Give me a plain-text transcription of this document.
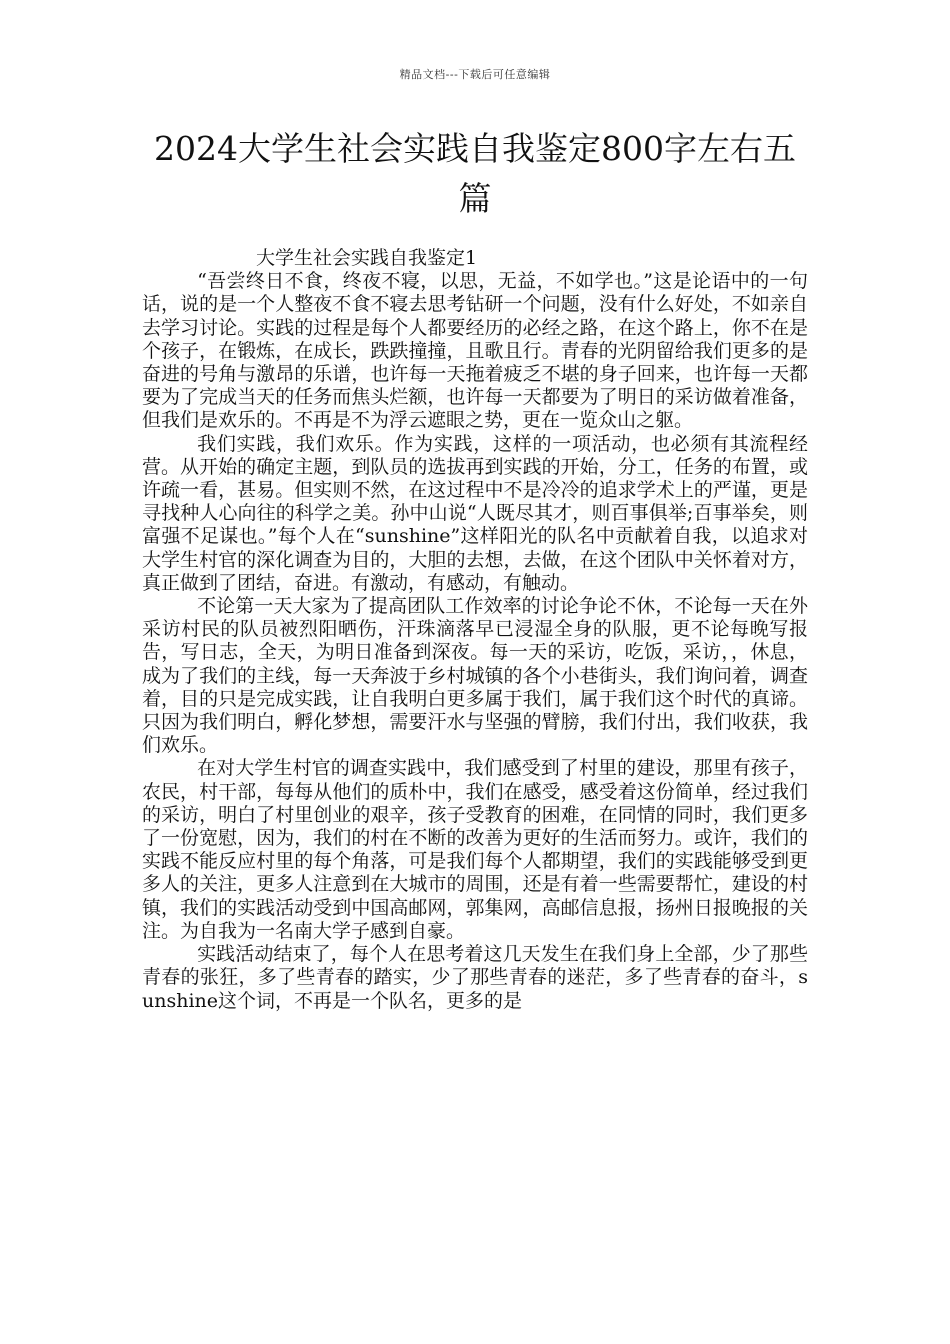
精品文档---下载后可任意编辑
2024大学生社会实践自我鉴定800字左右五篇

大学生社会实践自我鉴定1

“吾尝终日不食，终夜不寝，以思，无益，不如学也。”这是论语中的一句话，说的是一个人整夜不食不寝去思考钻研一个问题，没有什么好处，不如亲自去学习讨论。实践的过程是每个人都要经历的必经之路，在这个路上，你不在是个孩子，在锻炼，在成长，跌跌撞撞，且歌且行。青春的光阴留给我们更多的是奋进的号角与激昂的乐谱，也许每一天拖着疲乏不堪的身子回来，也许每一天都要为了完成当天的任务而焦头烂额，也许每一天都要为了明日的采访做着准备，但我们是欢乐的。不再是不为浮云遮眼之势，更在一览众山之躯。

我们实践，我们欢乐。作为实践，这样的一项活动，也必须有其流程经营。从开始的确定主题，到队员的选拔再到实践的开始，分工，任务的布置，或许疏一看，甚易。但实则不然，在这过程中不是冷冷的追求学术上的严谨，更是寻找种人心向往的科学之美。孙中山说“人既尽其才，则百事俱举;百事举矣，则富强不足谋也。”每个人在“sunshine”这样阳光的队名中贡献着自我，以追求对大学生村官的深化调查为目的，大胆的去想，去做，在这个团队中关怀着对方，真正做到了团结，奋进。有激动，有感动，有触动。

不论第一天大家为了提高团队工作效率的讨论争论不休，不论每一天在外采访村民的队员被烈阳晒伤，汗珠滴落早已浸湿全身的队服，更不论每晚写报告，写日志，全天，为明日准备到深夜。每一天的采访，吃饭，采访，，休息，成为了我们的主线，每一天奔波于乡村城镇的各个小巷街头，我们询问着，调查着，目的只是完成实践，让自我明白更多属于我们，属于我们这个时代的真谛。只因为我们明白，孵化梦想，需要汗水与坚强的臂膀，我们付出，我们收获，我们欢乐。

在对大学生村官的调查实践中，我们感受到了村里的建设，那里有孩子，农民，村干部，每每从他们的质朴中，我们在感受，感受着这份简单，经过我们的采访，明白了村里创业的艰辛，孩子受教育的困难，在同情的同时，我们更多了一份宽慰，因为，我们的村在不断的改善为更好的生活而努力。或许，我们的实践不能反应村里的每个角落，可是我们每个人都期望，我们的实践能够受到更多人的关注，更多人注意到在大城市的周围，还是有着一些需要帮忙，建设的村镇，我们的实践活动受到中国高邮网，郭集网，高邮信息报，扬州日报晚报的关注。为自我为一名南大学子感到自豪。

实践活动结束了，每个人在思考着这几天发生在我们身上全部，少了那些青春的张狂，多了些青春的踏实，少了那些青春的迷茫，多了些青春的奋斗，sunshine这个词，不再是一个队名，更多的是
